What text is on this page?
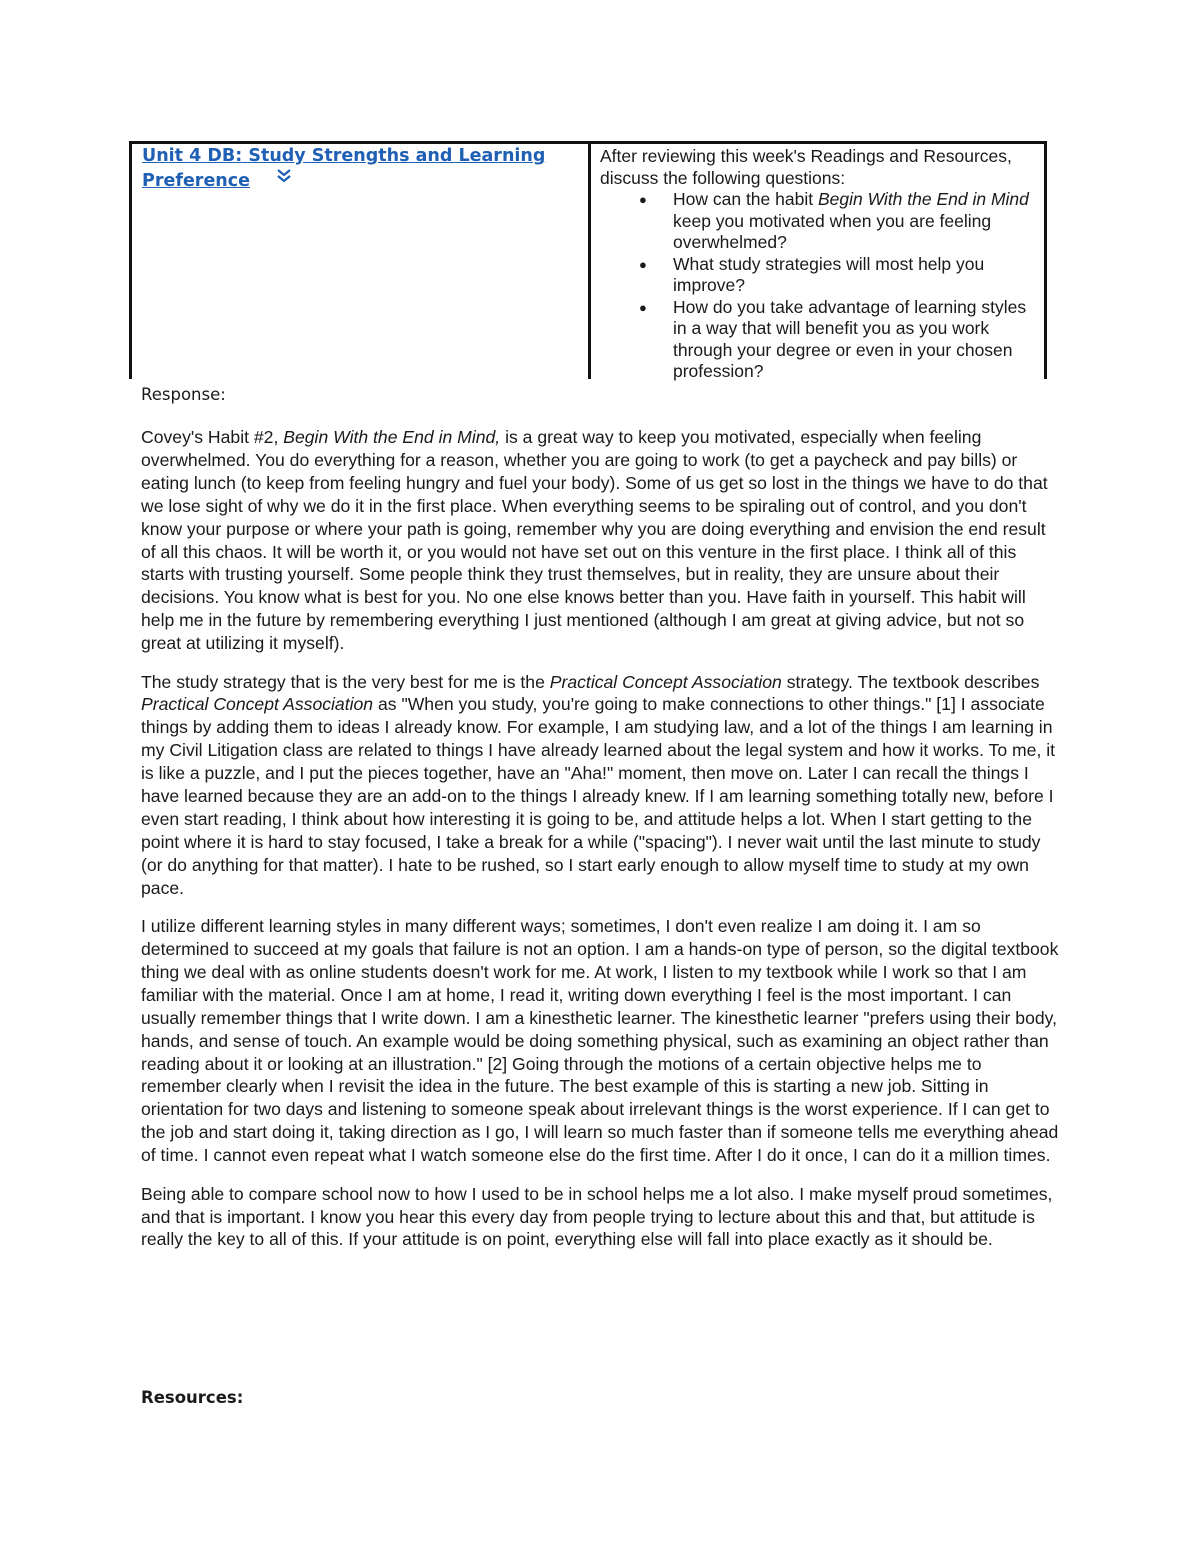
Unit 4 DB: Study Strengths and Learning
Preference
After reviewing this week's Readings and Resources, discuss the following questions:
● How can the habit Begin With the End in Mind keep you motivated when you are feeling overwhelmed?
● What study strategies will most help you improve?
● How do you take advantage of learning styles in a way that will benefit you as you work through your degree or even in your chosen profession?
Response:

Covey's Habit #2, Begin With the End in Mind, is a great way to keep you motivated, especially when feeling overwhelmed. You do everything for a reason, whether you are going to work (to get a paycheck and pay bills) or eating lunch (to keep from feeling hungry and fuel your body). Some of us get so lost in the things we have to do that we lose sight of why we do it in the first place. When everything seems to be spiraling out of control, and you don't know your purpose or where your path is going, remember why you are doing everything and envision the end result of all this chaos. It will be worth it, or you would not have set out on this venture in the first place. I think all of this starts with trusting yourself. Some people think they trust themselves, but in reality, they are unsure about their decisions. You know what is best for you. No one else knows better than you. Have faith in yourself. This habit will help me in the future by remembering everything I just mentioned (although I am great at giving advice, but not so great at utilizing it myself).

The study strategy that is the very best for me is the Practical Concept Association strategy. The textbook describes Practical Concept Association as "When you study, you're going to make connections to other things." [1] I associate things by adding them to ideas I already know. For example, I am studying law, and a lot of the things I am learning in my Civil Litigation class are related to things I have already learned about the legal system and how it works. To me, it is like a puzzle, and I put the pieces together, have an "Aha!" moment, then move on. Later I can recall the things I have learned because they are an add-on to the things I already knew. If I am learning something totally new, before I even start reading, I think about how interesting it is going to be, and attitude helps a lot. When I start getting to the point where it is hard to stay focused, I take a break for a while ("spacing"). I never wait until the last minute to study (or do anything for that matter). I hate to be rushed, so I start early enough to allow myself time to study at my own pace.

I utilize different learning styles in many different ways; sometimes, I don't even realize I am doing it. I am so determined to succeed at my goals that failure is not an option. I am a hands-on type of person, so the digital textbook thing we deal with as online students doesn't work for me. At work, I listen to my textbook while I work so that I am familiar with the material. Once I am at home, I read it, writing down everything I feel is the most important. I can usually remember things that I write down. I am a kinesthetic learner. The kinesthetic learner "prefers using their body, hands, and sense of touch. An example would be doing something physical, such as examining an object rather than reading about it or looking at an illustration." [2] Going through the motions of a certain objective helps me to remember clearly when I revisit the idea in the future. The best example of this is starting a new job. Sitting in orientation for two days and listening to someone speak about irrelevant things is the worst experience. If I can get to the job and start doing it, taking direction as I go, I will learn so much faster than if someone tells me everything ahead of time. I cannot even repeat what I watch someone else do the first time. After I do it once, I can do it a million times.

Being able to compare school now to how I used to be in school helps me a lot also. I make myself proud sometimes, and that is important. I know you hear this every day from people trying to lecture about this and that, but attitude is really the key to all of this. If your attitude is on point, everything else will fall into place exactly as it should be.

Resources:
